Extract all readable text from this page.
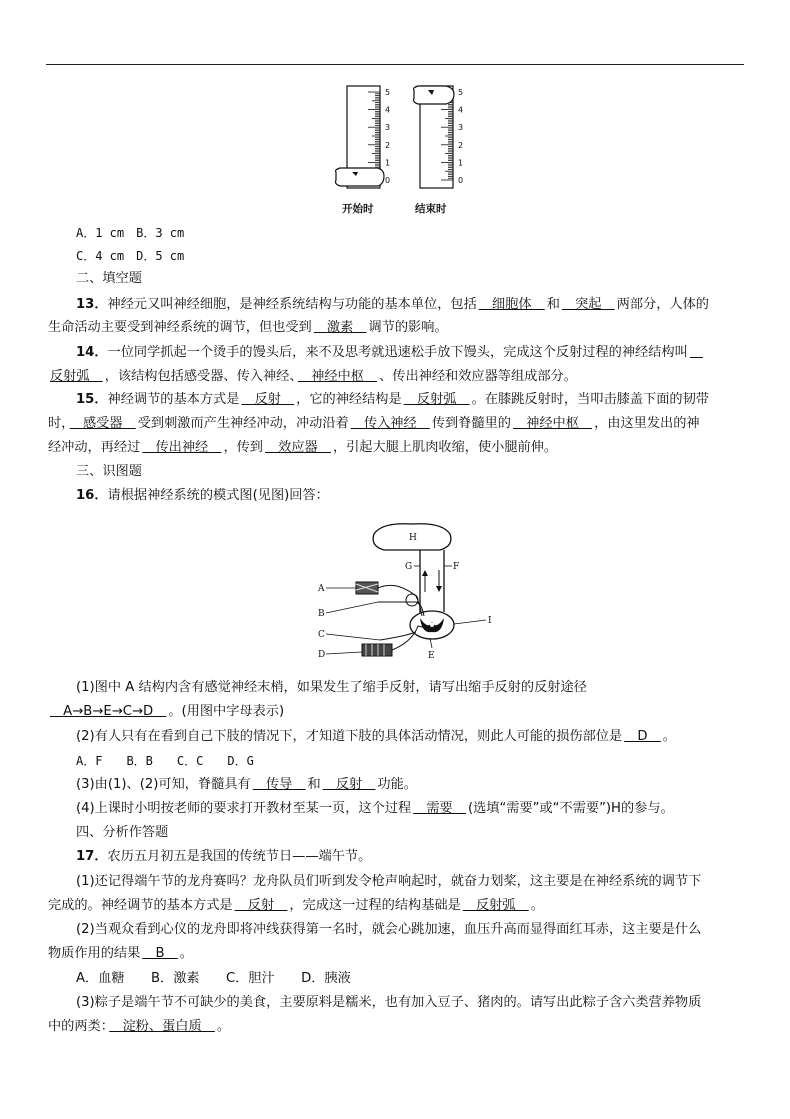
5
4
3
2
1
0
5
4
3
2
1
0
开始时	结束时
A．1 cm　B．3 cm
C．4 cm　D．5 cm
二、填空题
13．神经元又叫神经细胞，是神经系统结构与功能的基本单位，包括　细胞体　和　突起　两部分，人体的
生命活动主要受到神经系统的调节，但也受到　激素　调节的影响。
14．一位同学抓起一个烫手的馒头后，来不及思考就迅速松手放下馒头，完成这个反射过程的神经结构叫　
反射弧　，该结构包括感受器、传入神经、　神经中枢　、传出神经和效应器等组成部分。
15．神经调节的基本方式是　反射　，它的神经结构是　反射弧　。在膝跳反射时，当叩击膝盖下面的韧带
时，　感受器　受到刺激而产生神经冲动，冲动沿着　传入神经　传到脊髓里的　神经中枢　，由这里发出的神
经冲动，再经过　传出神经　，传到　效应器　，引起大腿上肌肉收缩，使小腿前伸。
三、识图题
16．请根据神经系统的模式图(见图)回答：
A
B
C
D	E
F
G
H
I
(1)图中 A 结构内含有感觉神经末梢，如果发生了缩手反射，请写出缩手反射的反射途径
　A→B→E→C→D　。(用图中字母表示)
(2)有人只有在看到自己下肢的情况下，才知道下肢的具体活动情况，则此人可能的损伤部位是　D　。
A．F　　B．B　　C．C　　D．G
(3)由(1)、(2)可知，脊髓具有　传导　和　反射　功能。
(4)上课时小明按老师的要求打开教材至某一页，这个过程　需要　(选填“需要”或“不需要”)H的参与。
四、分析作答题
17．农历五月初五是我国的传统节日——端午节。
(1)还记得端午节的龙舟赛吗？龙舟队员们听到发令枪声响起时，就奋力划桨，这主要是在神经系统的调节下
完成的。神经调节的基本方式是　反射　，完成这一过程的结构基础是　反射弧　。
(2)当观众看到心仪的龙舟即将冲线获得第一名时，就会心跳加速，血压升高而显得面红耳赤，这主要是什么
物质作用的结果　B　。
A．血糖　　B．激素　　C．胆汁　　D．胰液
(3)粽子是端午节不可缺少的美食，主要原料是糯米，也有加入豆子、猪肉的。请写出此粽子含六类营养物质
中的两类：　淀粉、蛋白质　。
